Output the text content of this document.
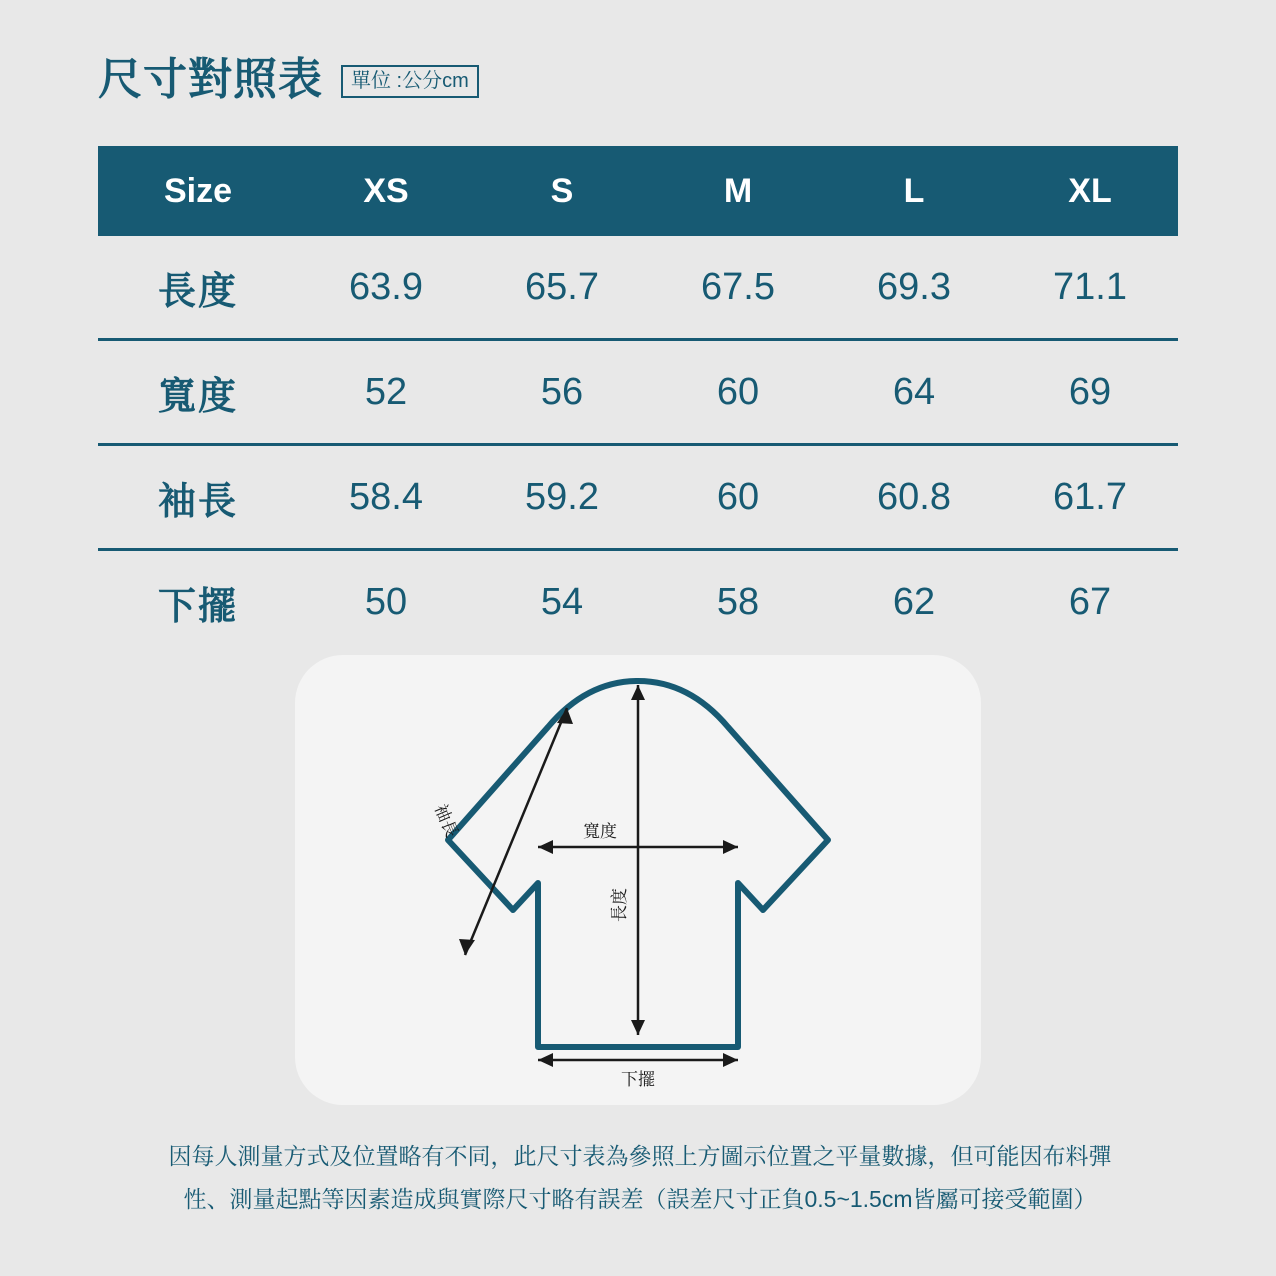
尺寸對照表	單位 :公分cm
Size	XS	S	M	L	XL
長度	63.9	65.7	67.5	69.3	71.1
寬度	52	56	60	64	69
袖長	58.4	59.2	60	60.8	61.7
下擺	50	54	58	62	67
袖長	寬度
長度
下擺
因每人測量方式及位置略有不同，此尺寸表為參照上方圖示位置之平量數據，但可能因布料彈
性、測量起點等因素造成與實際尺寸略有誤差（誤差尺寸正負0.5~1.5cm皆屬可接受範圍）
